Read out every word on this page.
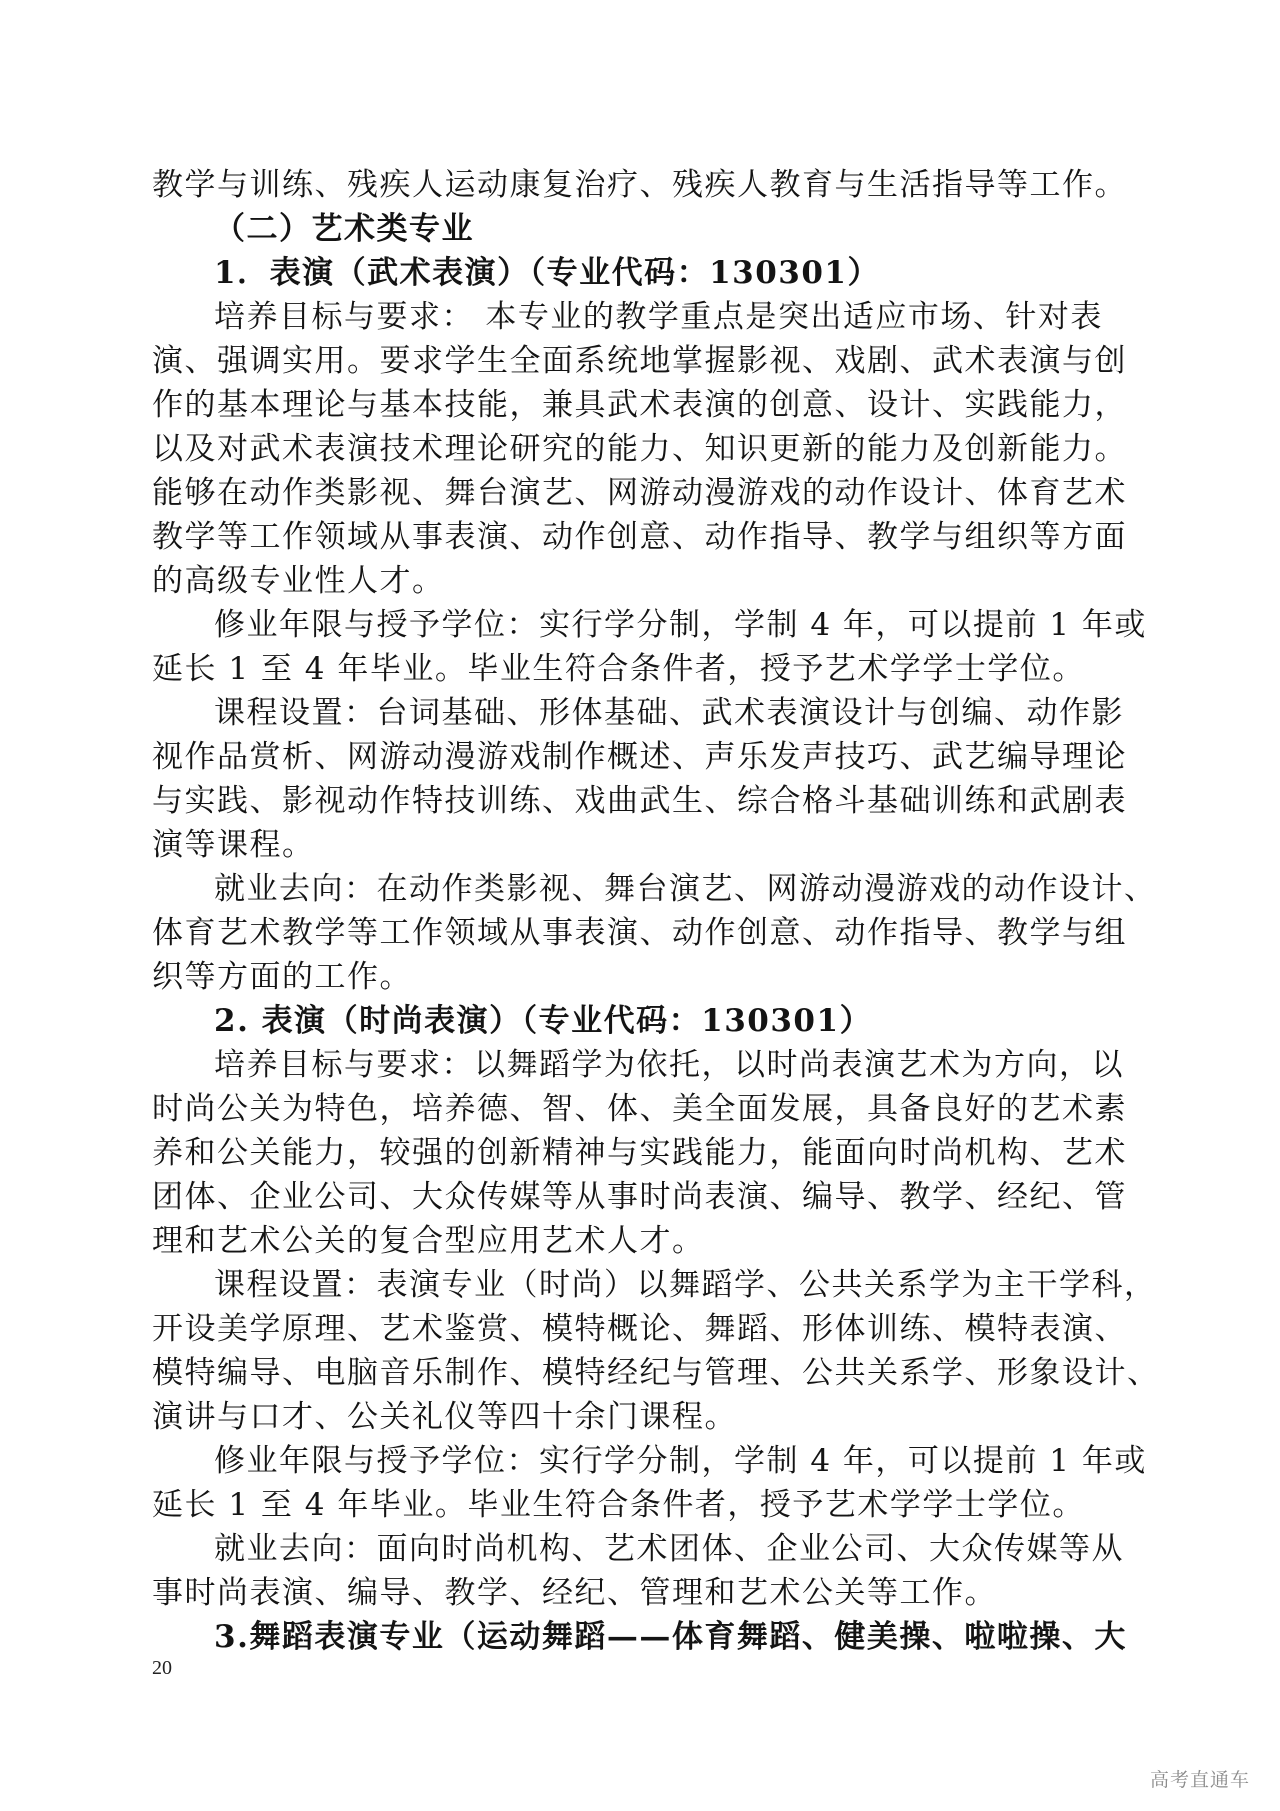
教学与训练、残疾人运动康复治疗、残疾人教育与生活指导等工作。
（二）艺术类专业
1．表演（武术表演）（专业代码：130301）
培养目标与要求： 本专业的教学重点是突出适应市场、针对表
演、强调实用。要求学生全面系统地掌握影视、戏剧、武术表演与创
作的基本理论与基本技能，兼具武术表演的创意、设计、实践能力，
以及对武术表演技术理论研究的能力、知识更新的能力及创新能力。
能够在动作类影视、舞台演艺、网游动漫游戏的动作设计、体育艺术
教学等工作领域从事表演、动作创意、动作指导、教学与组织等方面
的高级专业性人才。
修业年限与授予学位：实行学分制，学制 4 年，可以提前 1 年或
延长 1 至 4 年毕业。毕业生符合条件者，授予艺术学学士学位。
课程设置：台词基础、形体基础、武术表演设计与创编、动作影
视作品赏析、网游动漫游戏制作概述、声乐发声技巧、武艺编导理论
与实践、影视动作特技训练、戏曲武生、综合格斗基础训练和武剧表
演等课程。
就业去向：在动作类影视、舞台演艺、网游动漫游戏的动作设计、
体育艺术教学等工作领域从事表演、动作创意、动作指导、教学与组
织等方面的工作。
2. 表演（时尚表演）（专业代码：130301）
培养目标与要求：以舞蹈学为依托，以时尚表演艺术为方向，以
时尚公关为特色，培养德、智、体、美全面发展，具备良好的艺术素
养和公关能力，较强的创新精神与实践能力，能面向时尚机构、艺术
团体、企业公司、大众传媒等从事时尚表演、编导、教学、经纪、管
理和艺术公关的复合型应用艺术人才。
课程设置：表演专业（时尚）以舞蹈学、公共关系学为主干学科，
开设美学原理、艺术鉴赏、模特概论、舞蹈、形体训练、模特表演、
模特编导、电脑音乐制作、模特经纪与管理、公共关系学、形象设计、
演讲与口才、公关礼仪等四十余门课程。
修业年限与授予学位：实行学分制，学制 4 年，可以提前 1 年或
延长 1 至 4 年毕业。毕业生符合条件者，授予艺术学学士学位。
就业去向：面向时尚机构、艺术团体、企业公司、大众传媒等从
事时尚表演、编导、教学、经纪、管理和艺术公关等工作。
3.舞蹈表演专业（运动舞蹈——体育舞蹈、健美操、啦啦操、大
20
高考直通车
